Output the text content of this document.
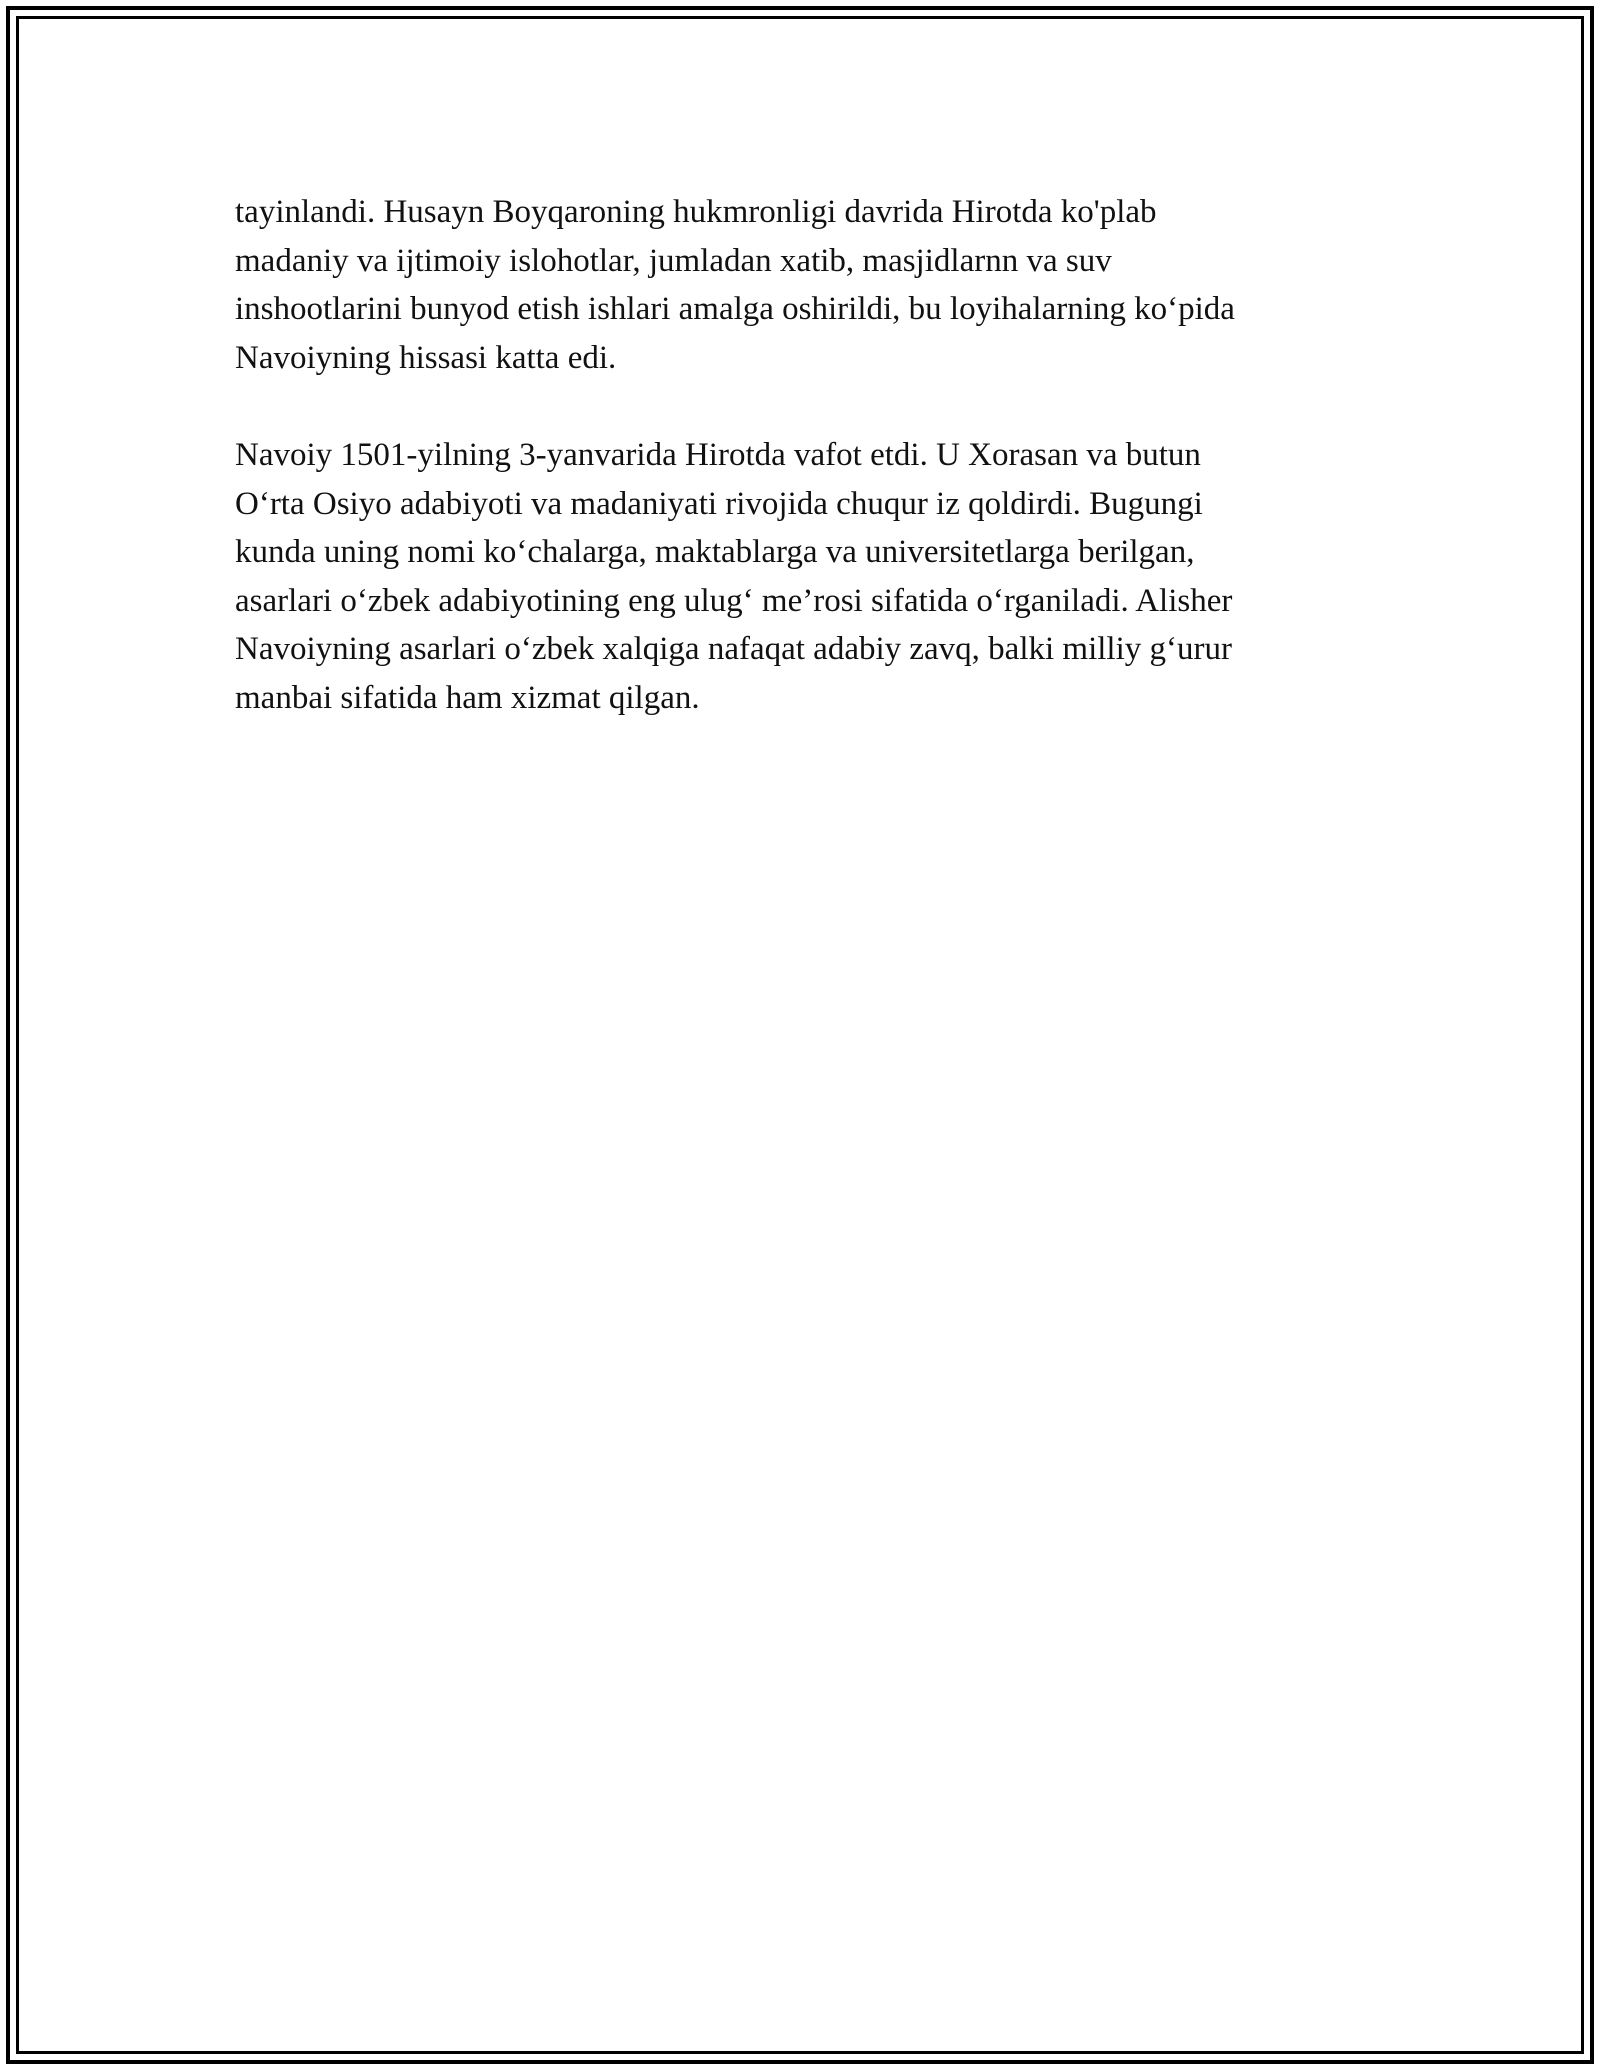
tayinlandi. Husayn Boyqaroning hukmronligi davrida Hirotda ko'plab
madaniy va ijtimoiy islohotlar, jumladan xatib, masjidlarnn va suv
inshootlarini bunyod etish ishlari amalga oshirildi, bu loyihalarning ko‘pida
Navoiyning hissasi katta edi.

Navoiy 1501-yilning 3-yanvarida Hirotda vafot etdi. U Xorasan va butun
O‘rta Osiyo adabiyoti va madaniyati rivojida chuqur iz qoldirdi. Bugungi
kunda uning nomi ko‘chalarga, maktablarga va universitetlarga berilgan,
asarlari o‘zbek adabiyotining eng ulug‘ me’rosi sifatida o‘rganiladi. Alisher
Navoiyning asarlari o‘zbek xalqiga nafaqat adabiy zavq, balki milliy g‘urur
manbai sifatida ham xizmat qilgan.
